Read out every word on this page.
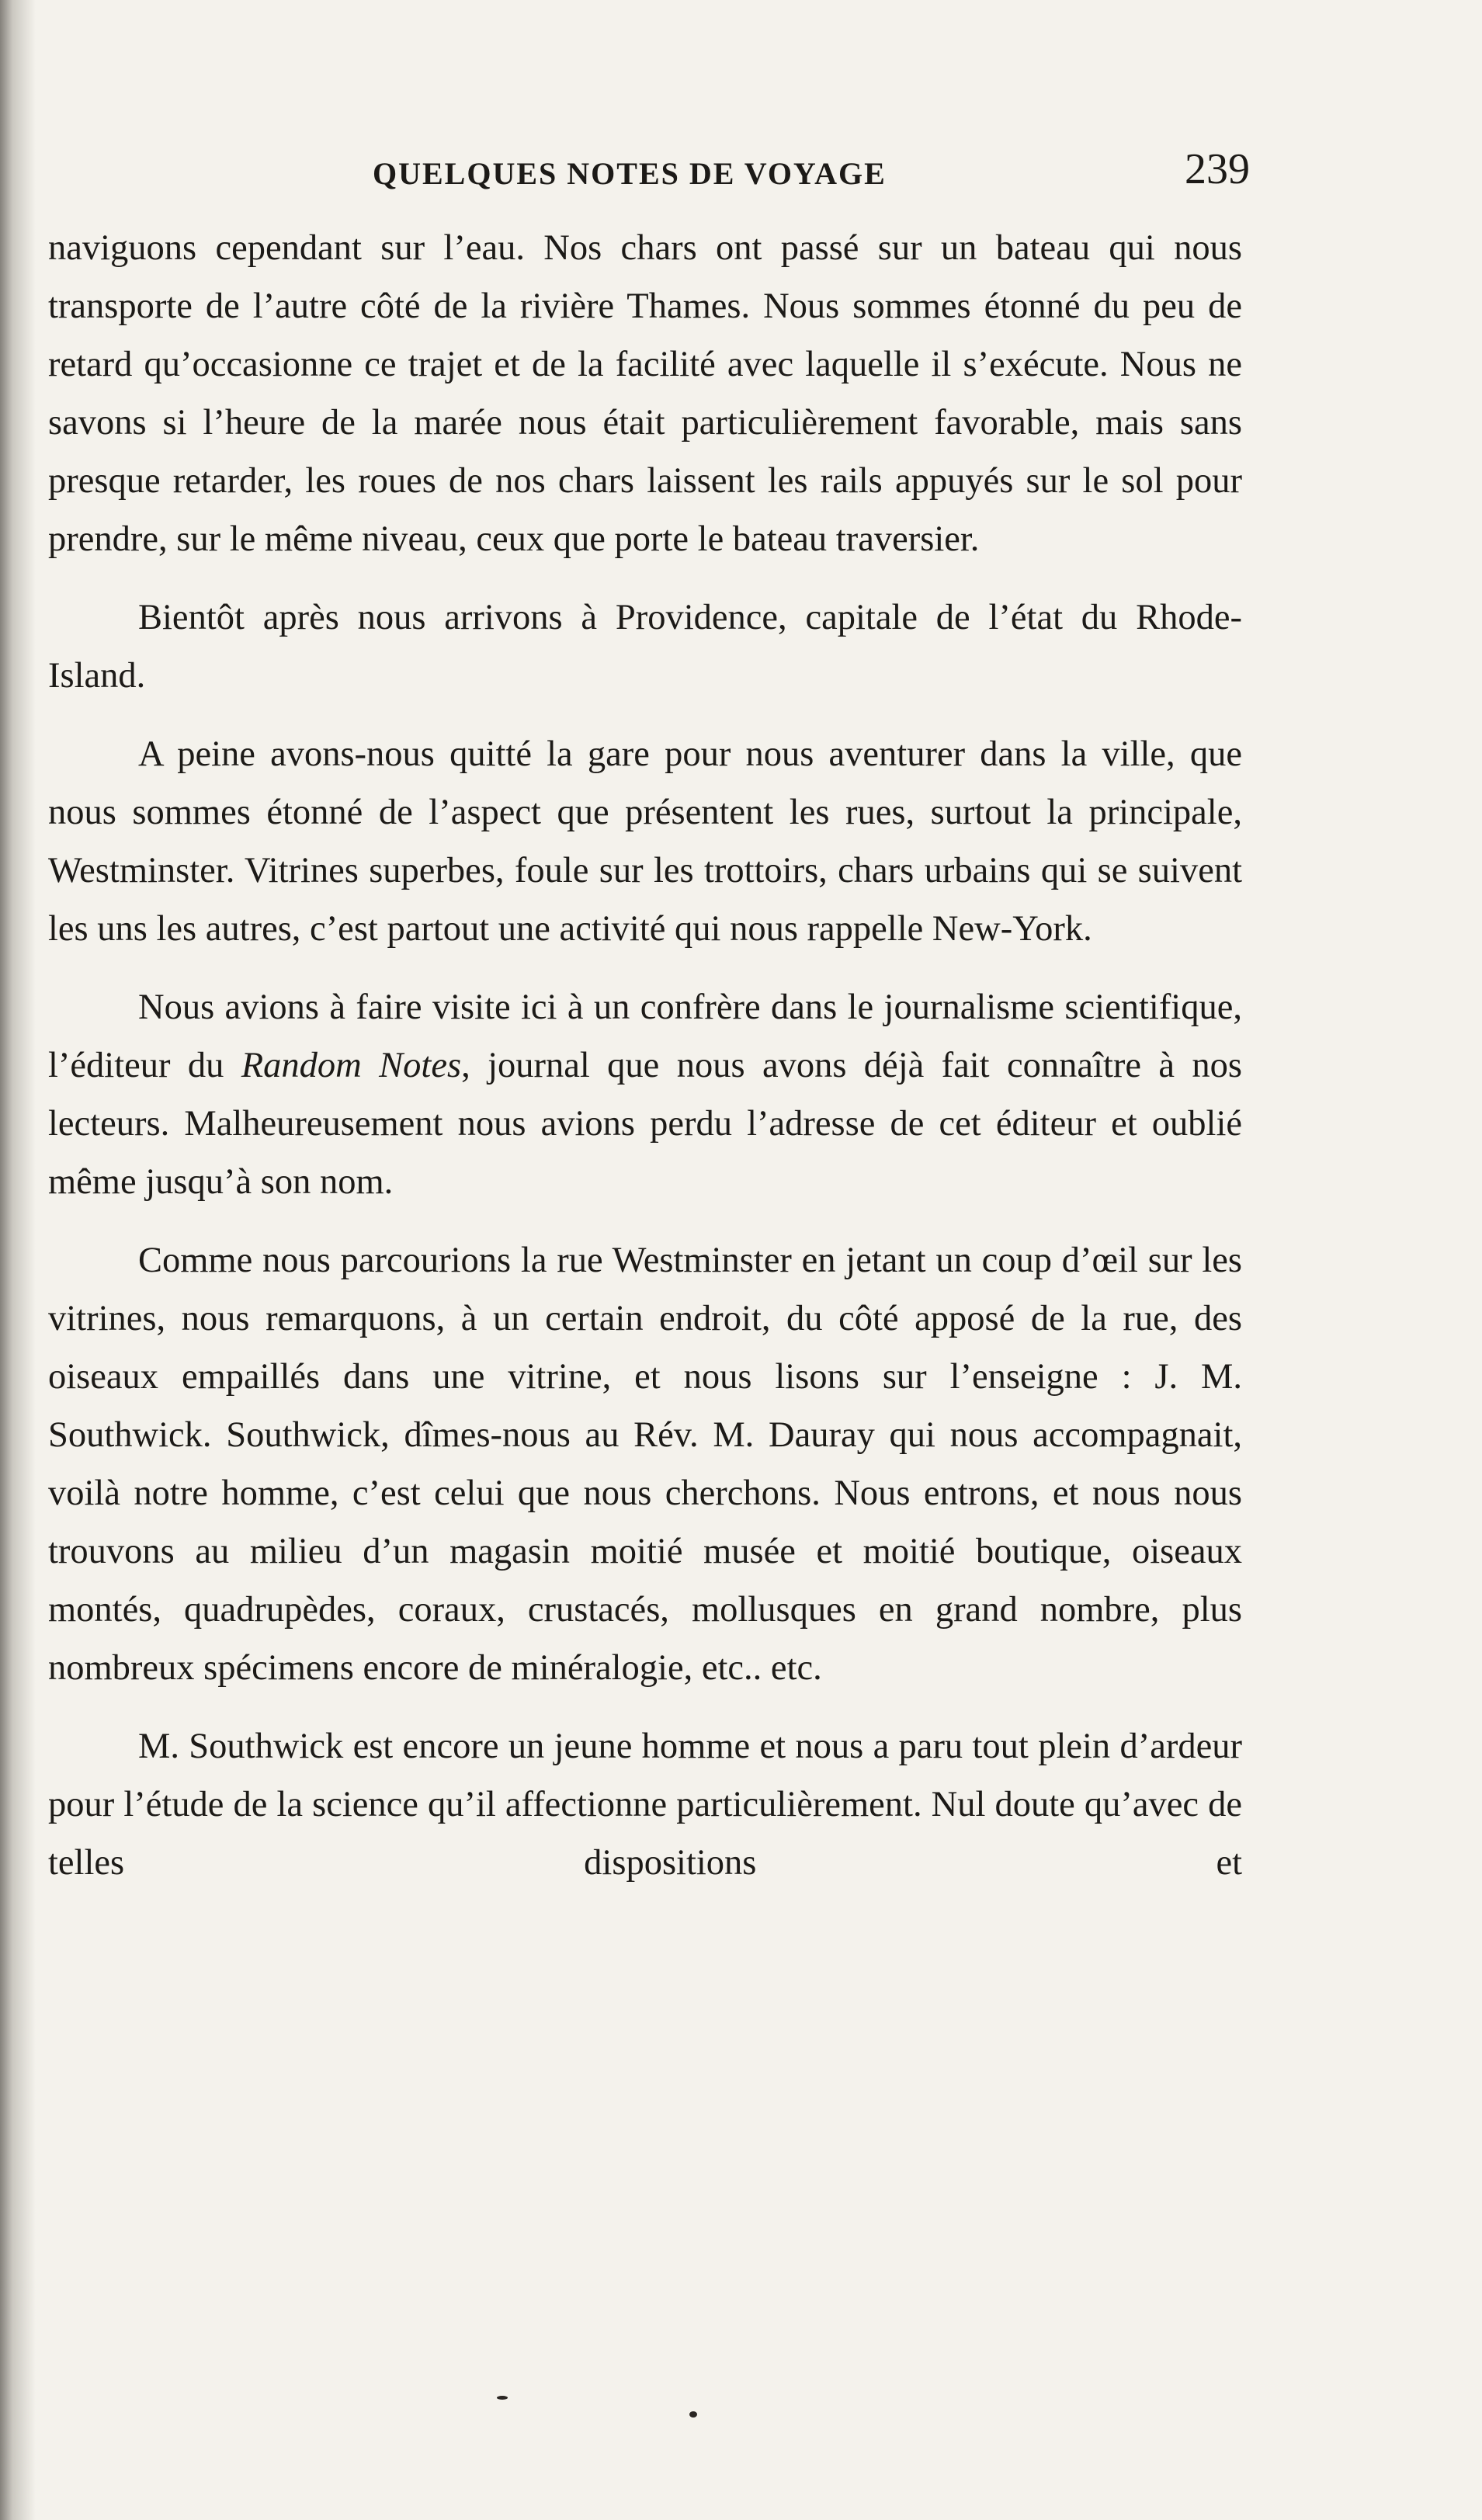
QUELQUES NOTES DE VOYAGE	239

naviguons cependant sur l’eau. Nos chars ont passé sur un bateau qui nous transporte de l’autre côté de la rivière Thames. Nous sommes étonné du peu de retard qu’occasionne ce trajet et de la facilité avec laquelle il s’exécute. Nous ne savons si l’heure de la marée nous était particulièrement favorable, mais sans presque retarder, les roues de nos chars laissent les rails appuyés sur le sol pour prendre, sur le même niveau, ceux que porte le bateau traversier.

Bientôt après nous arrivons à Providence, capitale de l’état du Rhode-Island.

A peine avons-nous quitté la gare pour nous aventurer dans la ville, que nous sommes étonné de l’aspect que présentent les rues, surtout la principale, Westminster. Vitrines superbes, foule sur les trottoirs, chars urbains qui se suivent les uns les autres, c’est partout une activité qui nous rappelle New-York.

Nous avions à faire visite ici à un confrère dans le journalisme scientifique, l’éditeur du Random Notes, journal que nous avons déjà fait connaître à nos lecteurs. Malheureusement nous avions perdu l’adresse de cet éditeur et oublié même jusqu’à son nom.

Comme nous parcourions la rue Westminster en jetant un coup d’œil sur les vitrines, nous remarquons, à un certain endroit, du côté apposé de la rue, des oiseaux empaillés dans une vitrine, et nous lisons sur l’enseigne : J. M. Southwick. Southwick, dîmes-nous au Rév. M. Dauray qui nous accompagnait, voilà notre homme, c’est celui que nous cherchons. Nous entrons, et nous nous trouvons au milieu d’un magasin moitié musée et moitié boutique, oiseaux montés, quadrupèdes, coraux, crustacés, mollusques en grand nombre, plus nombreux spécimens encore de minéralogie, etc.. etc.

M. Southwick est encore un jeune homme et nous a paru tout plein d’ardeur pour l’étude de la science qu’il affectionne particulièrement. Nul doute qu’avec de telles dispositions et
